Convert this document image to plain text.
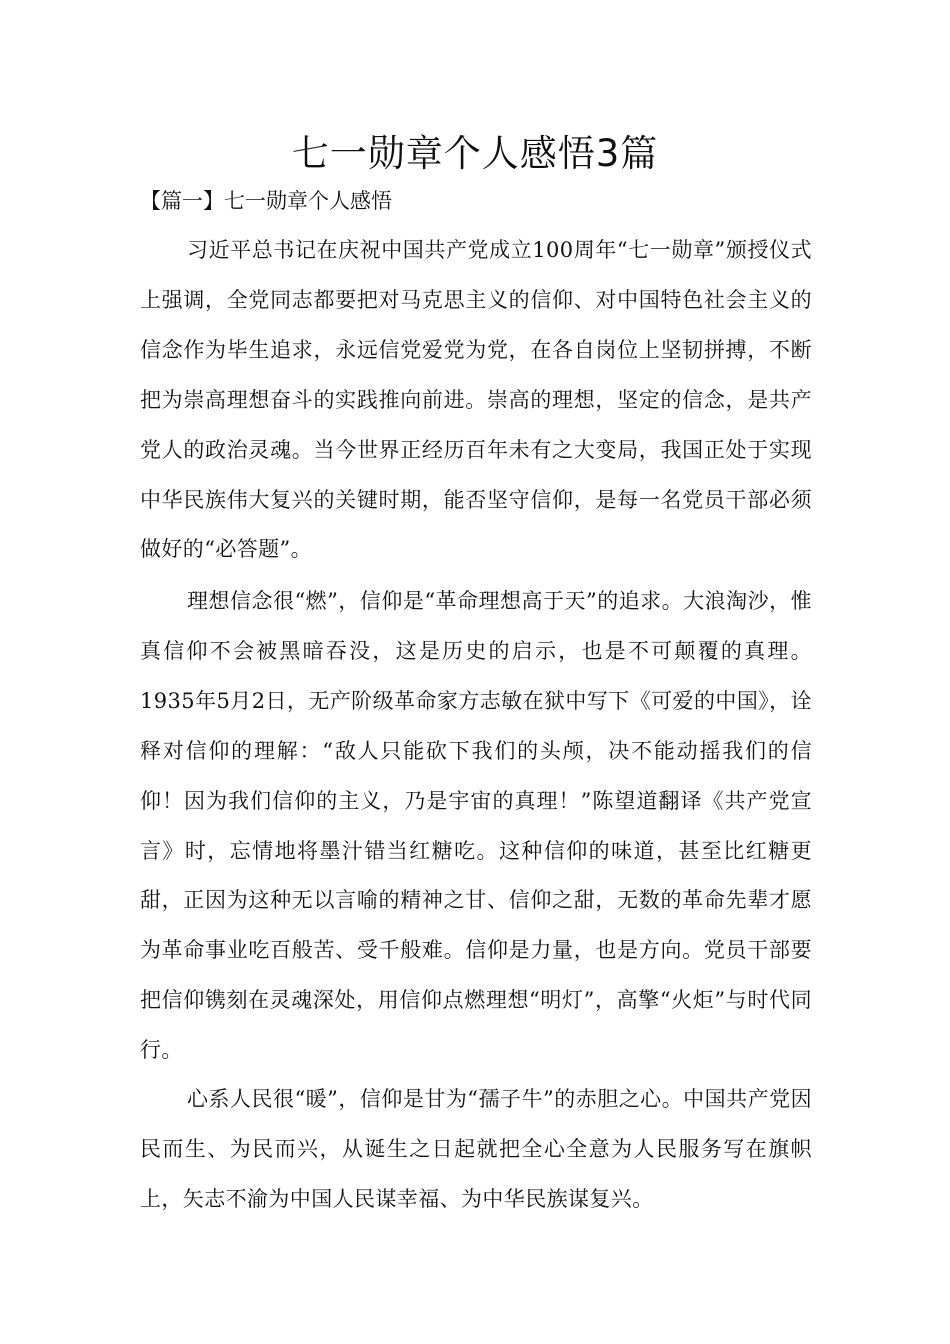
七一勋章个人感悟3篇
【篇一】七一勋章个人感悟

习近平总书记在庆祝中国共产党成立100周年“七一勋章”颁授仪式上强调，全党同志都要把对马克思主义的信仰、对中国特色社会主义的信念作为毕生追求，永远信党爱党为党，在各自岗位上坚韧拼搏，不断把为崇高理想奋斗的实践推向前进。崇高的理想，坚定的信念，是共产党人的政治灵魂。当今世界正经历百年未有之大变局，我国正处于实现中华民族伟大复兴的关键时期，能否坚守信仰，是每一名党员干部必须做好的“必答题”。

理想信念很“燃”，信仰是“革命理想高于天”的追求。大浪淘沙，惟真信仰不会被黑暗吞没，这是历史的启示，也是不可颠覆的真理。1935年5月2日，无产阶级革命家方志敏在狱中写下《可爱的中国》，诠释对信仰的理解：“敌人只能砍下我们的头颅，决不能动摇我们的信仰！因为我们信仰的主义，乃是宇宙的真理！”陈望道翻译《共产党宣言》时，忘情地将墨汁错当红糖吃。这种信仰的味道，甚至比红糖更甜，正因为这种无以言喻的精神之甘、信仰之甜，无数的革命先辈才愿为革命事业吃百般苦、受千般难。信仰是力量，也是方向。党员干部要把信仰镌刻在灵魂深处，用信仰点燃理想“明灯”，高擎“火炬”与时代同行。

心系人民很“暖”，信仰是甘为“孺子牛”的赤胆之心。中国共产党因民而生、为民而兴，从诞生之日起就把全心全意为人民服务写在旗帜上，矢志不渝为中国人民谋幸福、为中华民族谋复兴。
